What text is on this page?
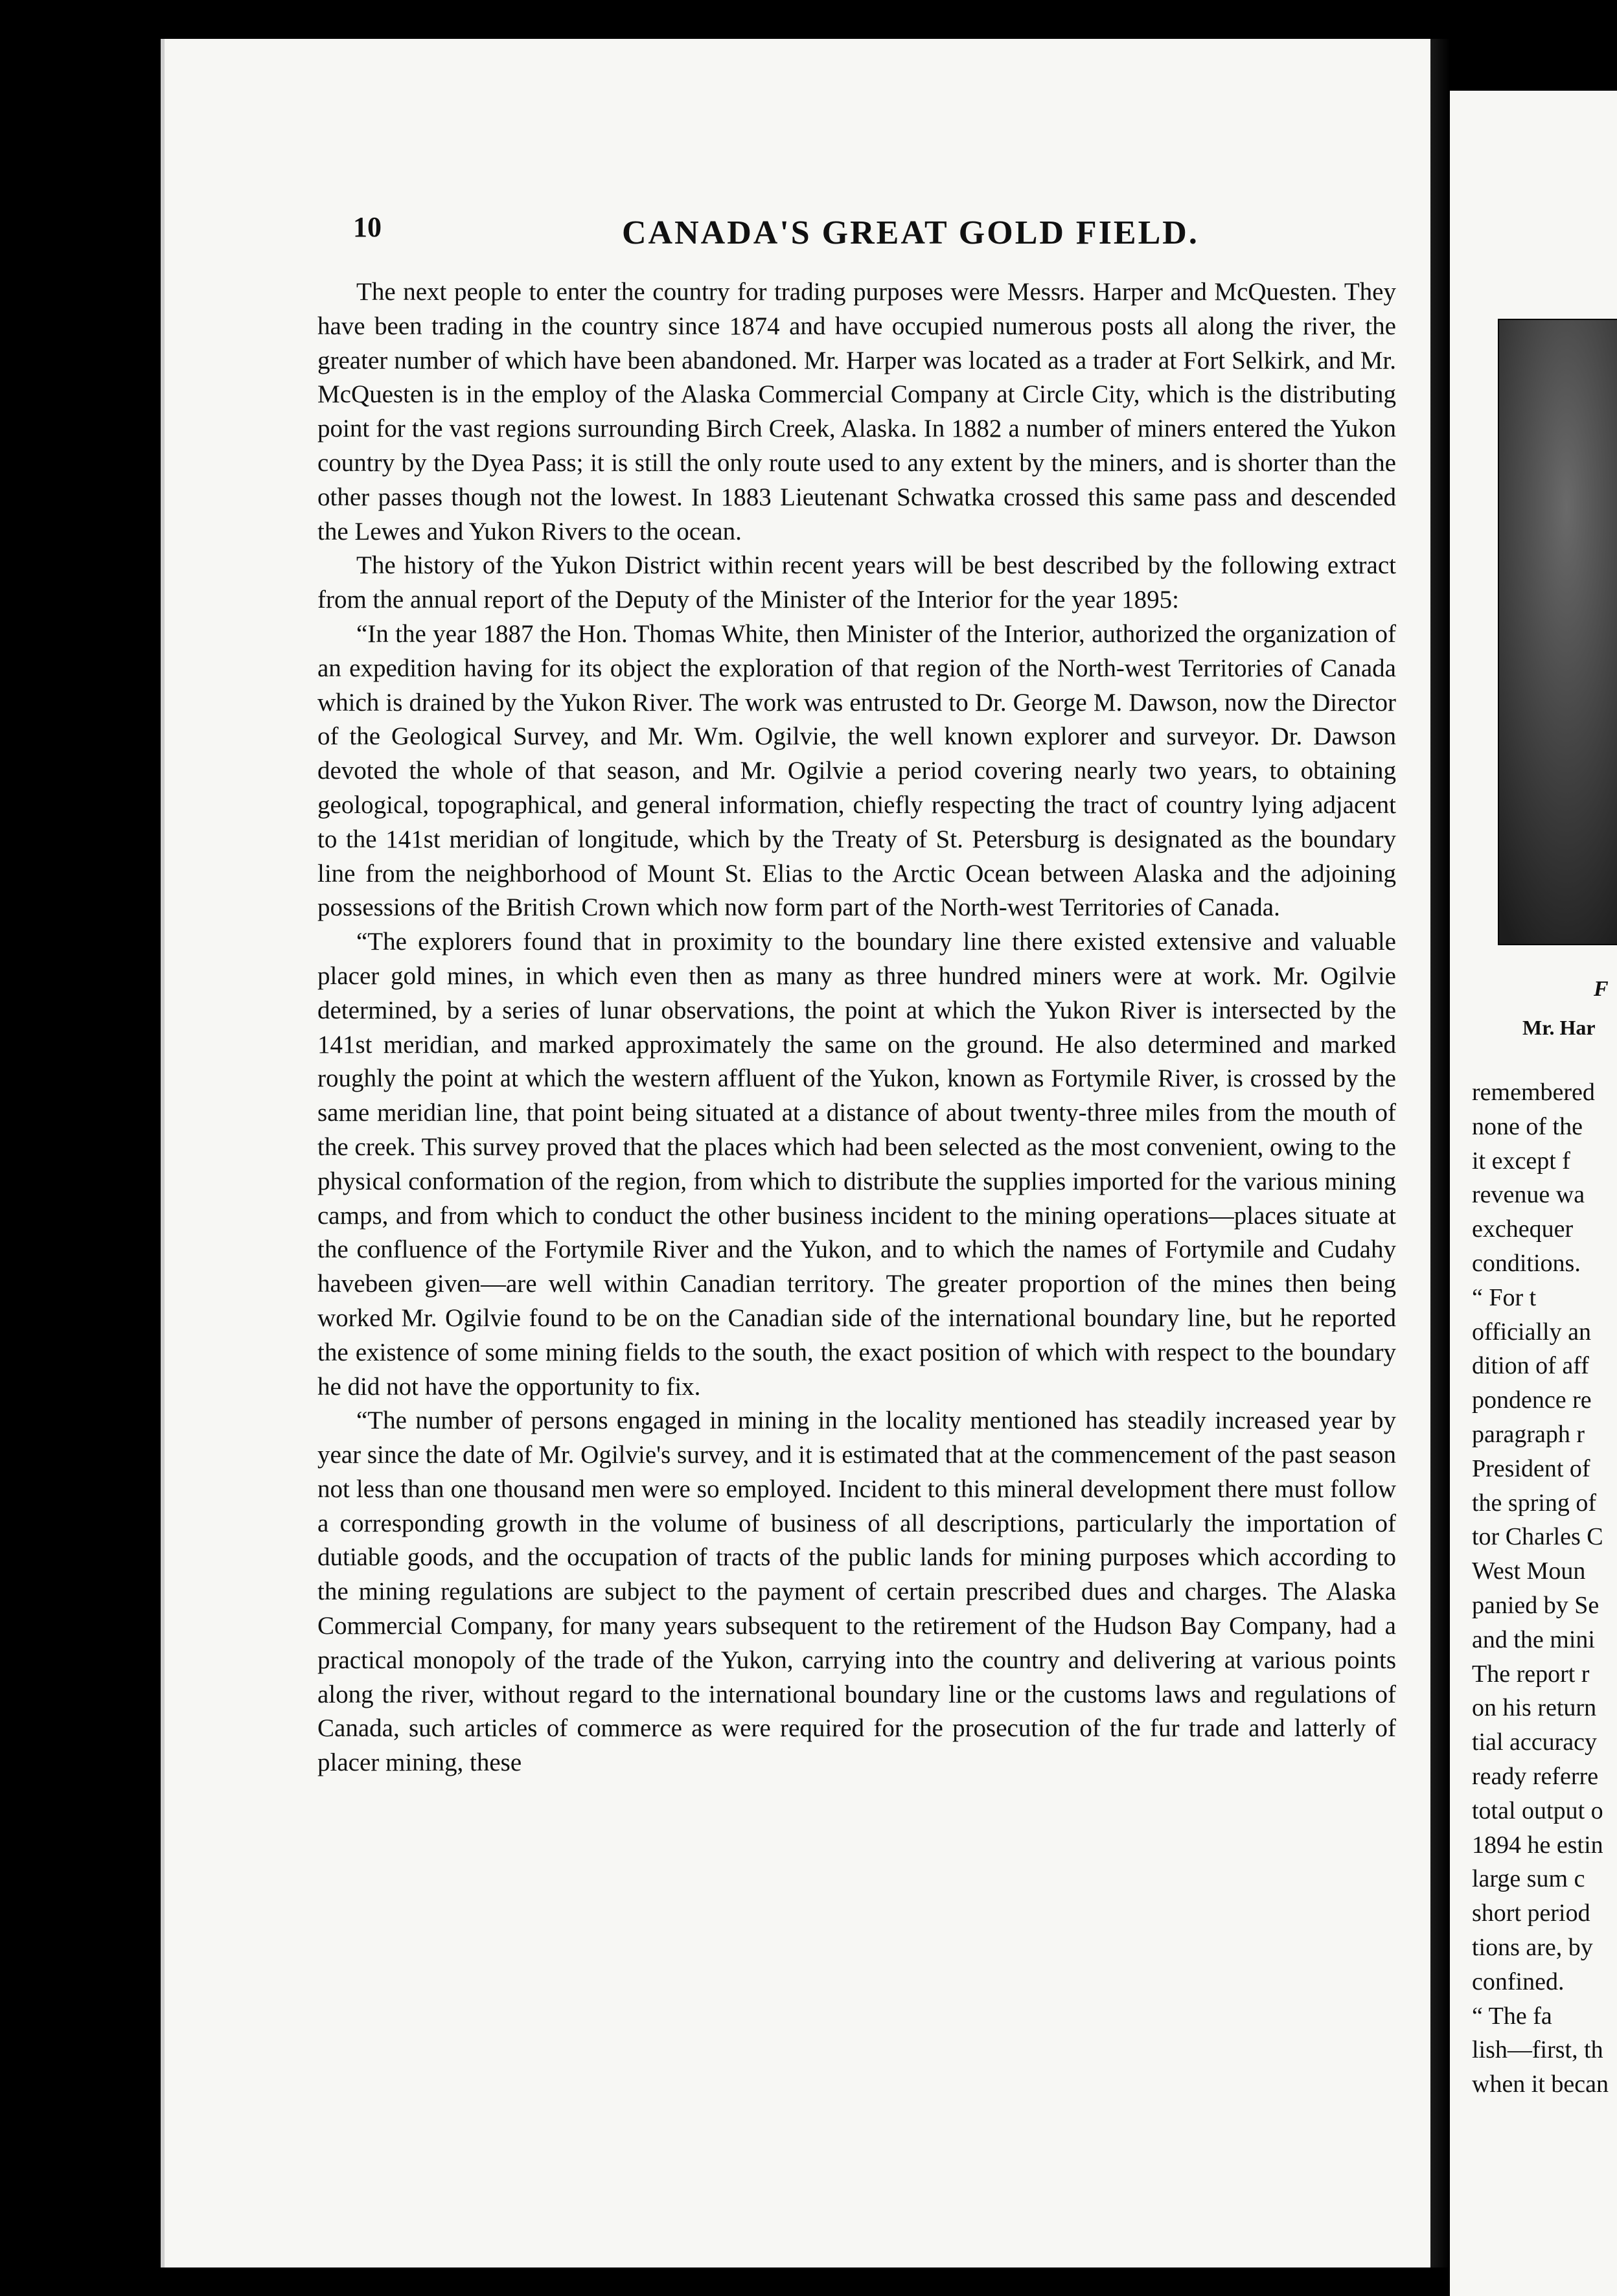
10	CANADA'S GREAT GOLD FIELD.

The next people to enter the country for trading purposes were Messrs. Harper and McQuesten. They have been trading in the country since 1874 and have occupied numerous posts all along the river, the greater number of which have been abandoned. Mr. Harper was located as a trader at Fort Selkirk, and Mr. McQuesten is in the employ of the Alaska Commercial Company at Circle City, which is the distributing point for the vast regions surrounding Birch Creek, Alaska. In 1882 a number of miners entered the Yukon country by the Dyea Pass; it is still the only route used to any extent by the miners, and is shorter than the other passes though not the lowest. In 1883 Lieutenant Schwatka crossed this same pass and descended the Lewes and Yukon Rivers to the ocean.

The history of the Yukon District within recent years will be best described by the following extract from the annual report of the Deputy of the Minister of the Interior for the year 1895:

“In the year 1887 the Hon. Thomas White, then Minister of the Interior, authorized the organization of an expedition having for its object the exploration of that region of the North-west Territories of Canada which is drained by the Yukon River. The work was entrusted to Dr. George M. Dawson, now the Director of the Geological Survey, and Mr. Wm. Ogilvie, the well known explorer and surveyor. Dr. Dawson devoted the whole of that season, and Mr. Ogilvie a period covering nearly two years, to obtaining geological, topographical, and general information, chiefly respecting the tract of country lying adjacent to the 141st meridian of longitude, which by the Treaty of St. Petersburg is designated as the boundary line from the neighborhood of Mount St. Elias to the Arctic Ocean between Alaska and the adjoining possessions of the British Crown which now form part of the North-west Territories of Canada.

“The explorers found that in proximity to the boundary line there existed extensive and valuable placer gold mines, in which even then as many as three hundred miners were at work. Mr. Ogilvie determined, by a series of lunar observations, the point at which the Yukon River is intersected by the 141st meridian, and marked approximately the same on the ground. He also determined and marked roughly the point at which the western affluent of the Yukon, known as Fortymile River, is crossed by the same meridian line, that point being situated at a distance of about twenty-three miles from the mouth of the creek. This survey proved that the places which had been selected as the most convenient, owing to the physical conformation of the region, from which to distribute the supplies imported for the various mining camps, and from which to conduct the other business incident to the mining operations—places situate at the confluence of the Fortymile River and the Yukon, and to which the names of Fortymile and Cudahy havebeen given—are well within Canadian territory. The greater proportion of the mines then being worked Mr. Ogilvie found to be on the Canadian side of the international boundary line, but he reported the existence of some mining fields to the south, the exact position of which with respect to the boundary he did not have the opportunity to fix.

“The number of persons engaged in mining in the locality mentioned has steadily increased year by year since the date of Mr. Ogilvie's survey, and it is estimated that at the commencement of the past season not less than one thousand men were so employed. Incident to this mineral development there must follow a corresponding growth in the volume of business of all descriptions, particularly the importation of dutiable goods, and the occupation of tracts of the public lands for mining purposes which according to the mining regulations are subject to the payment of certain prescribed dues and charges. The Alaska Commercial Company, for many years subsequent to the retirement of the Hudson Bay Company, had a practical monopoly of the trade of the Yukon, carrying into the country and delivering at various points along the river, without regard to the international boundary line or the customs laws and regulations of Canada, such articles of commerce as were required for the prosecution of the fur trade and latterly of placer mining, these

F
Mr. Har
remembered
none of the
it except f
revenue wa
exchequer
conditions.
“ For t
officially an
dition of aff
pondence re
paragraph r
President of
the spring of
tor Charles C
West Moun
panied by Se
and the mini
The report r
on his return
tial accuracy
ready referre
total output o
1894 he estin
large sum c
short period
tions are, by
confined.
“ The fa
lish—first, th
when it becan
